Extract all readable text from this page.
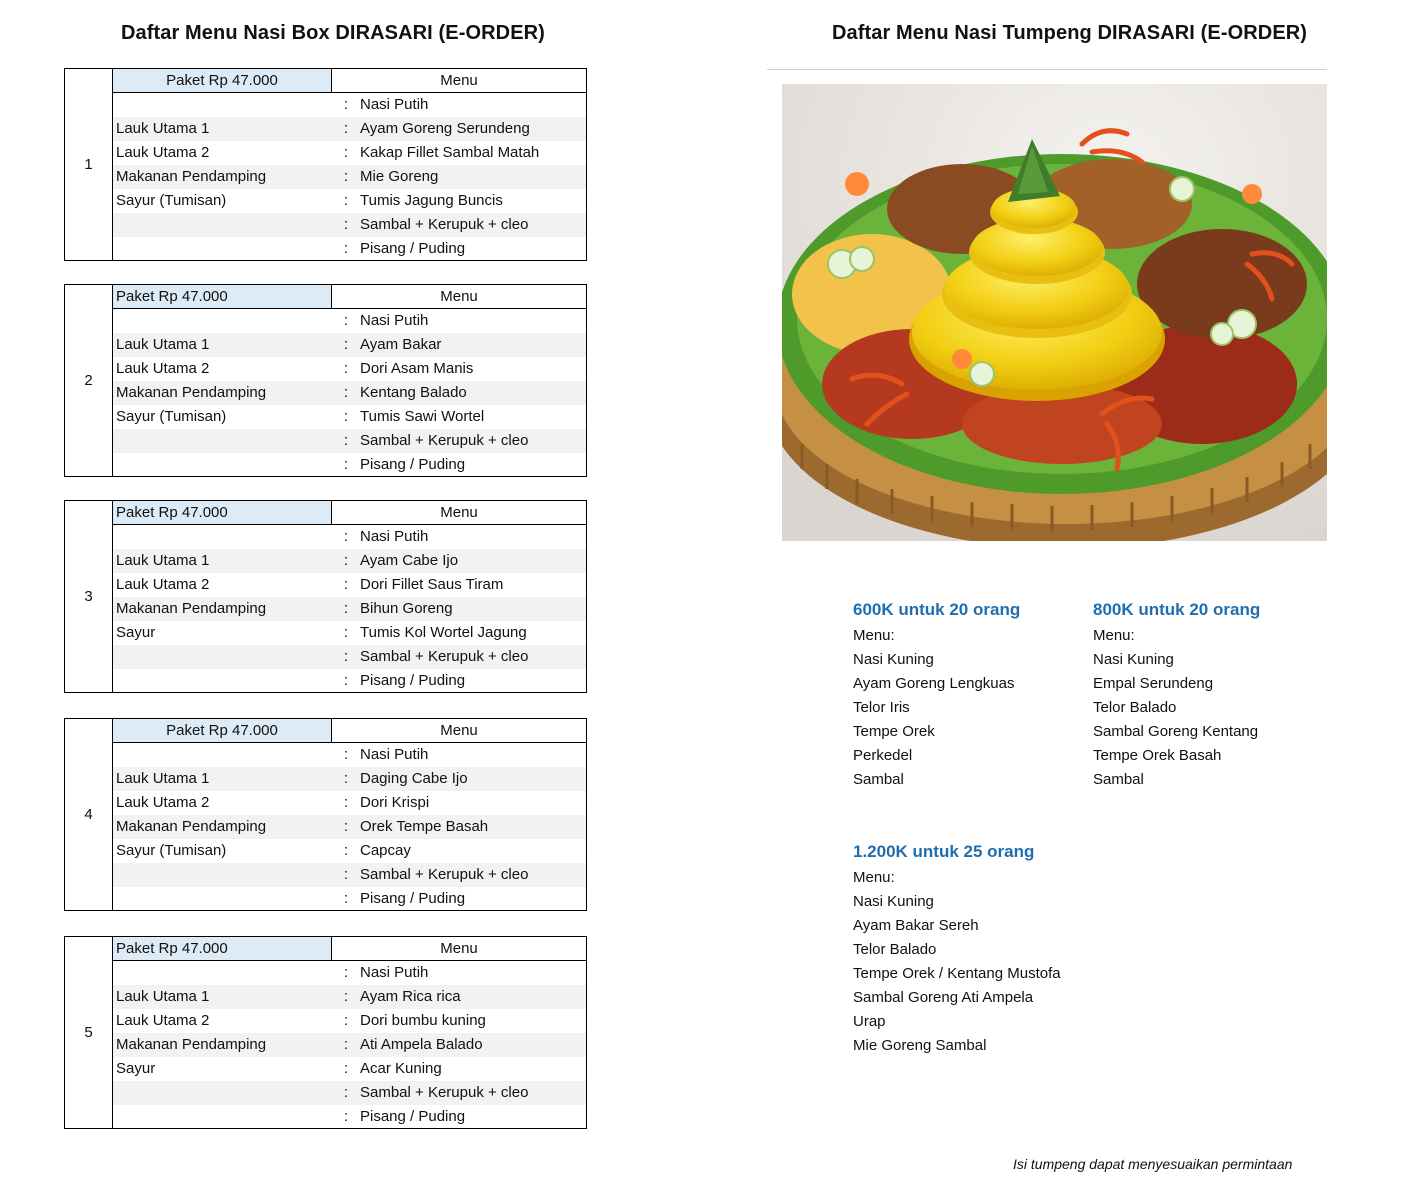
Daftar Menu Nasi Box DIRASARI (E-ORDER)	Daftar Menu Nasi Tumpeng DIRASARI (E-ORDER)
1
Paket Rp 47.000	Menu
: Nasi Putih
Lauk Utama 1	: Ayam Goreng Serundeng
Lauk Utama 2	: Kakap Fillet Sambal Matah
Makanan Pendamping	: Mie Goreng
Sayur (Tumisan)	: Tumis Jagung Buncis
: Sambal + Kerupuk + cleo
: Pisang / Puding
2
Paket Rp 47.000	Menu
: Nasi Putih
Lauk Utama 1	: Ayam Bakar
Lauk Utama 2	: Dori Asam Manis
Makanan Pendamping	: Kentang Balado
Sayur (Tumisan)	: Tumis Sawi Wortel
: Sambal + Kerupuk + cleo
: Pisang / Puding
3
Paket Rp 47.000	Menu
: Nasi Putih
Lauk Utama 1	: Ayam Cabe Ijo
Lauk Utama 2	: Dori Fillet Saus Tiram
Makanan Pendamping	: Bihun Goreng
Sayur	: Tumis Kol Wortel Jagung
: Sambal + Kerupuk + cleo
: Pisang / Puding
4
Paket Rp 47.000	Menu
: Nasi Putih
Lauk Utama 1	: Daging Cabe Ijo
Lauk Utama 2	: Dori Krispi
Makanan Pendamping	: Orek Tempe Basah
Sayur (Tumisan)	: Capcay
: Sambal + Kerupuk + cleo
: Pisang / Puding
5
Paket Rp 47.000	Menu
: Nasi Putih
Lauk Utama 1	: Ayam Rica rica
Lauk Utama 2	: Dori bumbu kuning
Makanan Pendamping	: Ati Ampela Balado
Sayur	: Acar Kuning
: Sambal + Kerupuk + cleo
: Pisang / Puding
600K untuk 20 orang
Menu:
Nasi Kuning
Ayam Goreng Lengkuas
Telor Iris
Tempe Orek
Perkedel
Sambal
800K untuk 20 orang
Menu:
Nasi Kuning
Empal Serundeng
Telor Balado
Sambal Goreng Kentang
Tempe Orek Basah
Sambal
1.200K untuk 25 orang
Menu:
Nasi Kuning
Ayam Bakar Sereh
Telor Balado
Tempe Orek / Kentang Mustofa
Sambal Goreng Ati Ampela
Urap
Mie Goreng Sambal
Isi tumpeng dapat menyesuaikan permintaan
